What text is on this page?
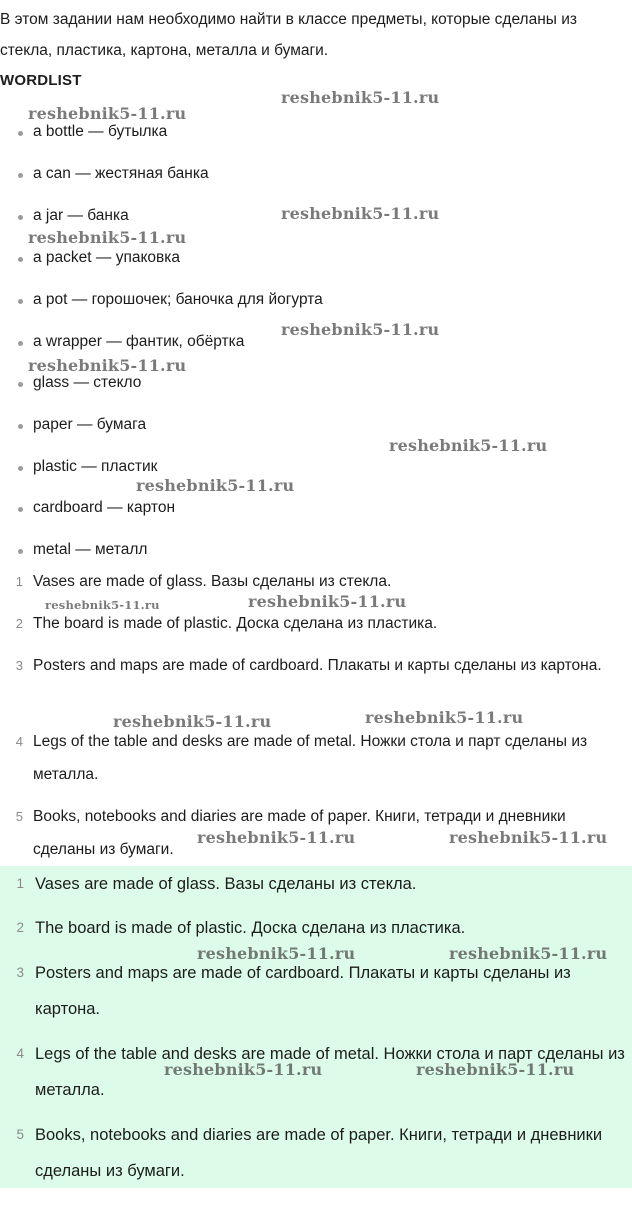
В этом задании нам необходимо найти в классе предметы, которые сделаны из стекла, пластика, картона, металла и бумаги.

WORDLIST
a bottle — бутылка
a can — жестяная банка
a jar — банка
a packet — упаковка
a pot — горошочек; баночка для йогурта
a wrapper — фантик, обёртка
glass — стекло
paper — бумага
plastic — пластик
cardboard — картон
metal — металл
1 Vases are made of glass. Вазы сделаны из стекла.
2 The board is made of plastic. Доска сделана из пластика.
3 Posters and maps are made of cardboard. Плакаты и карты сделаны из картона.
4 Legs of the table and desks are made of metal. Ножки стола и парт сделаны из металла.
5 Books, notebooks and diaries are made of paper. Книги, тетради и дневники сделаны из бумаги.
1 Vases are made of glass. Вазы сделаны из стекла.
2 The board is made of plastic. Доска сделана из пластика.
3 Posters and maps are made of cardboard. Плакаты и карты сделаны из картона.
4 Legs of the table and desks are made of metal. Ножки стола и парт сделаны из металла.
5 Books, notebooks and diaries are made of paper. Книги, тетради и дневники сделаны из бумаги.
reshebnik5-11.ru
reshebnik5-11.ru
reshebnik5-11.ru
reshebnik5-11.ru
reshebnik5-11.ru
reshebnik5-11.ru
reshebnik5-11.ru
reshebnik5-11.ru
reshebnik5-11.ru	reshebnik5-11.ru
reshebnik5-11.ru	reshebnik5-11.ru
reshebnik5-11.ru	reshebnik5-11.ru
reshebnik5-11.ru	reshebnik5-11.ru
reshebnik5-11.ru	reshebnik5-11.ru
